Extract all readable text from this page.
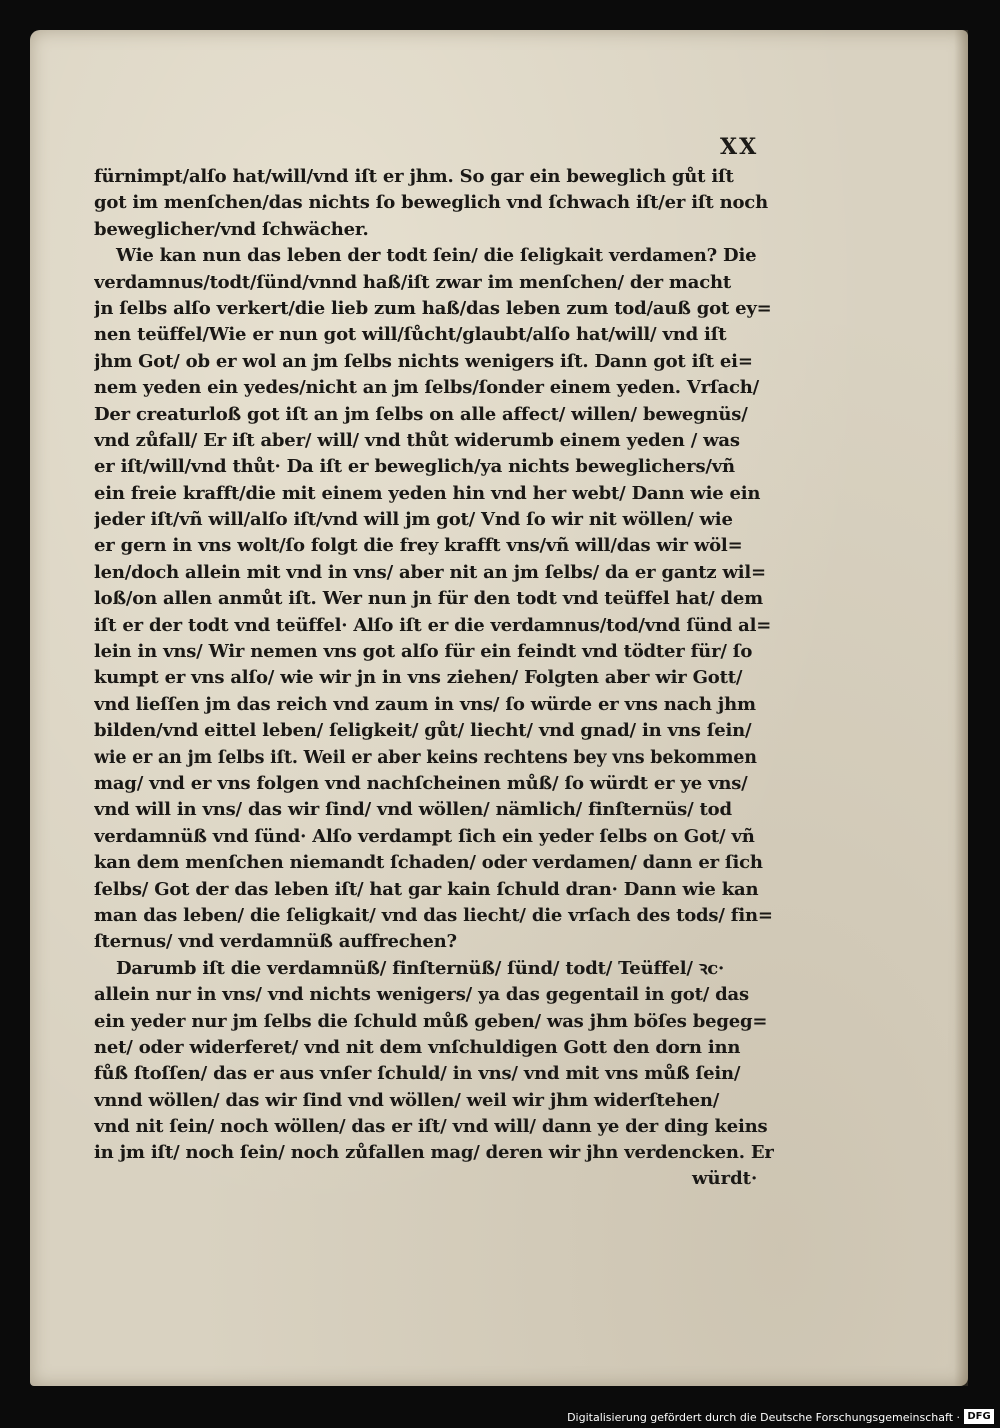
XX
fürnimpt/alſo hat/will/vnd iſt er jhm. So gar ein beweglich gůt iſt
got im menſchen/das nichts ſo beweglich vnd ſchwach iſt/er iſt noch
beweglicher/vnd ſchwächer.
Wie kan nun das leben der todt ſein/ die ſeligkait verdamen? Die
verdamnus/todt/ſünd/vnnd haß/iſt zwar im menſchen/ der macht
jn ſelbs alſo verkert/die lieb zum haß/das leben zum tod/auß got ey=
nen teüffel/Wie er nun got will/ſůcht/glaubt/alſo hat/will/ vnd iſt
jhm Got/ ob er wol an jm ſelbs nichts wenigers iſt. Dann got iſt ei=
nem yeden ein yedes/nicht an jm ſelbs/ſonder einem yeden. Vrſach/
Der creaturloß got iſt an jm ſelbs on alle affect/ willen/ bewegnüs/
vnd zůfall/ Er iſt aber/ will/ vnd thůt widerumb einem yeden / was
er iſt/will/vnd thůt· Da iſt er beweglich/ya nichts beweglichers/vñ
ein freie krafft/die mit einem yeden hin vnd her webt/ Dann wie ein
jeder iſt/vñ will/alſo iſt/vnd will jm got/ Vnd ſo wir nit wöllen/ wie
er gern in vns wolt/ſo folgt die frey krafft vns/vñ will/das wir wöl=
len/doch allein mit vnd in vns/ aber nit an jm ſelbs/ da er gantz wil=
loß/on allen anmůt iſt. Wer nun jn für den todt vnd teüffel hat/ dem
iſt er der todt vnd teüffel· Alſo iſt er die verdamnus/tod/vnd ſünd al=
lein in vns/ Wir nemen vns got alſo für ein feindt vnd tödter für/ ſo
kumpt er vns alſo/ wie wir jn in vns ziehen/ Folgten aber wir Gott/
vnd lieſſen jm das reich vnd zaum in vns/ ſo würde er vns nach jhm
bilden/vnd eittel leben/ ſeligkeit/ gůt/ liecht/ vnd gnad/ in vns ſein/
wie er an jm ſelbs iſt. Weil er aber keins rechtens bey vns bekommen
mag/ vnd er vns folgen vnd nachſcheinen můß/ ſo würdt er ye vns/
vnd will in vns/ das wir ſind/ vnd wöllen/ nämlich/ finſternüs/ tod
verdamnüß vnd ſünd· Alſo verdampt ſich ein yeder ſelbs on Got/ vñ
kan dem menſchen niemandt ſchaden/ oder verdamen/ dann er ſich
ſelbs/ Got der das leben iſt/ hat gar kain ſchuld dran· Dann wie kan
man das leben/ die ſeligkait/ vnd das liecht/ die vrſach des tods/ fin=
ſternus/ vnd verdamnüß auffrechen?
Darumb iſt die verdamnüß/ finſternüß/ ſünd/ todt/ Teüffel/ ꝛc·
allein nur in vns/ vnd nichts wenigers/ ya das gegentail in got/ das
ein yeder nur jm ſelbs die ſchuld můß geben/ was jhm böſes begeg=
net/ oder widerferet/ vnd nit dem vnſchuldigen Gott den dorn inn
fůß ſtoſſen/ das er aus vnſer ſchuld/ in vns/ vnd mit vns můß ſein/
vnnd wöllen/ das wir ſind vnd wöllen/ weil wir jhm widerſtehen/
vnd nit ſein/ noch wöllen/ das er iſt/ vnd will/ dann ye der ding keins
in jm iſt/ noch ſein/ noch zůfallen mag/ deren wir jhn verdencken. Er
würdt·
Digitalisierung gefördert durch die Deutsche Forschungsgemeinschaft · DFG
